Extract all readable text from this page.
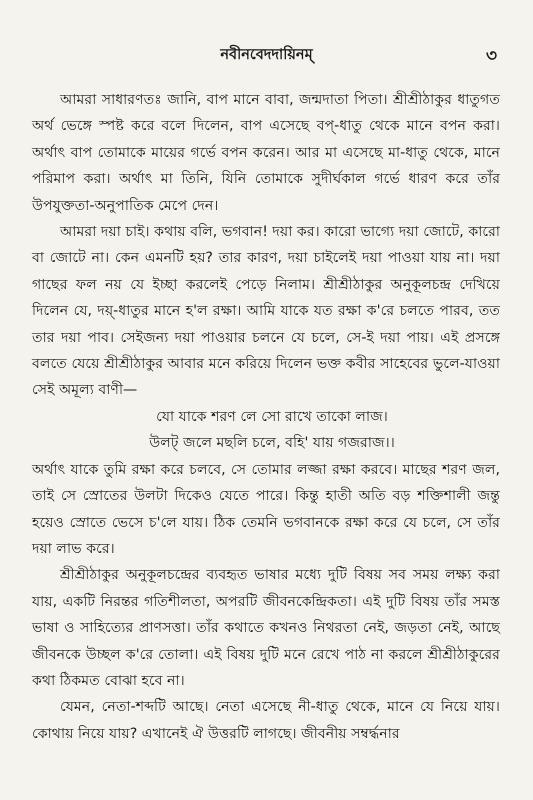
নবীনবেদদায়িনম্‌	৩

আমরা সাধারণতঃ জানি, বাপ মানে বাবা, জন্মদাতা পিতা। শ্রীশ্রীঠাকুর ধাতুগত অর্থ ভেঙ্গে স্পষ্ট করে বলে দিলেন, বাপ এসেছে বপ্‌-ধাতু থেকে মানে বপন করা। অর্থাৎ বাপ তোমাকে মায়ের গর্ভে বপন করেন। আর মা এসেছে মা-ধাতু থেকে, মানে পরিমাপ করা। অর্থাৎ মা তিনি, যিনি তোমাকে সুদীর্ঘকাল গর্ভে ধারণ করে তাঁর উপযুক্ততা-অনুপাতিক মেপে দেন।

আমরা দয়া চাই। কথায় বলি, ভগবান! দয়া কর। কারো ভাগ্যে দয়া জোটে, কারো বা জোটে না। কেন এমনটি হয়? তার কারণ, দয়া চাইলেই দয়া পাওয়া যায় না। দয়া গাছের ফল নয় যে ইচ্ছা করলেই পেড়ে নিলাম। শ্রীশ্রীঠাকুর অনুকূলচন্দ্র দেখিয়ে দিলেন যে, দয়্‌-ধাতুর মানে হ'ল রক্ষা। আমি যাকে যত রক্ষা ক'রে চলতে পারব, তত তার দয়া পাব। সেইজন্য দয়া পাওয়ার চলনে যে চলে, সে-ই দয়া পায়। এই প্রসঙ্গে বলতে যেয়ে শ্রীশ্রীঠাকুর আবার মনে করিয়ে দিলেন ভক্ত কবীর সাহেবের ভুলে-যাওয়া সেই অমূল্য বাণী—

যো যাকে শরণ লে সো রাখে তাকো লাজ।

উলট্‌ জলে মছলি চলে, বহি' যায় গজরাজ।।

অর্থাৎ যাকে তুমি রক্ষা করে চলবে, সে তোমার লজ্জা রক্ষা করবে। মাছের শরণ জল, তাই সে স্রোতের উলটা দিকেও যেতে পারে। কিন্তু হাতী অতি বড় শক্তিশালী জন্তু হয়েও স্রোতে ভেসে চ'লে যায়। ঠিক তেমনি ভগবানকে রক্ষা করে যে চলে, সে তাঁর দয়া লাভ করে।

শ্রীশ্রীঠাকুর অনুকূলচন্দ্রের ব্যবহৃত ভাষার মধ্যে দুটি বিষয় সব সময় লক্ষ্য করা যায়, একটি নিরন্তর গতিশীলতা, অপরটি জীবনকেন্দ্রিকতা। এই দুটি বিষয় তাঁর সমস্ত ভাষা ও সাহিত্যের প্রাণসত্তা। তাঁর কথাতে কখনও নিথরতা নেই, জড়তা নেই, আছে জীবনকে উচ্ছল ক'রে তোলা। এই বিষয় দুটি মনে রেখে পাঠ না করলে শ্রীশ্রীঠাকুরের কথা ঠিকমত বোঝা হবে না।

যেমন, নেতা-শব্দটি আছে। নেতা এসেছে নী-ধাতু থেকে, মানে যে নিয়ে যায়। কোথায় নিয়ে যায়? এখানেই ঐ উত্তরটি লাগছে। জীবনীয় সম্বর্দ্ধনার
